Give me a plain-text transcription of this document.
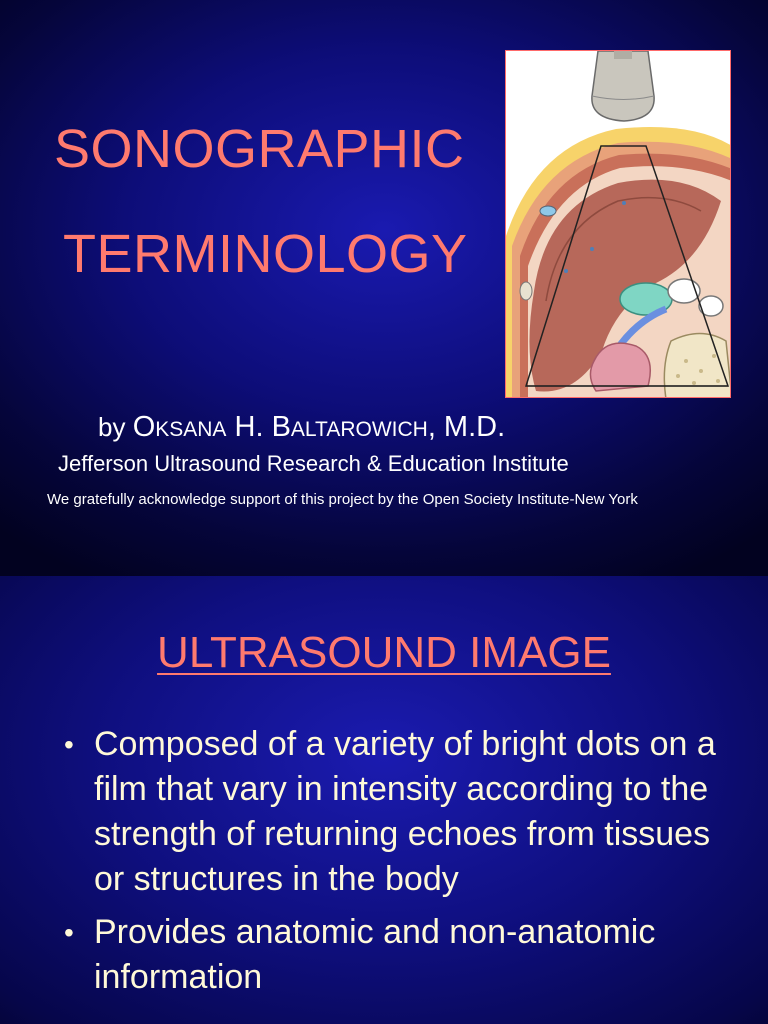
SONOGRAPHIC
TERMINOLOGY
by OKSANA H. BALTAROWICH, M.D.
Jefferson Ultrasound Research & Education Institute
We gratefully acknowledge support of this project by the Open Society Institute-New York
ULTRASOUND IMAGE
• Composed of a variety of bright dots on a film that vary in intensity according to the strength of returning echoes from tissues or structures in the body
• Provides anatomic and non-anatomic information
